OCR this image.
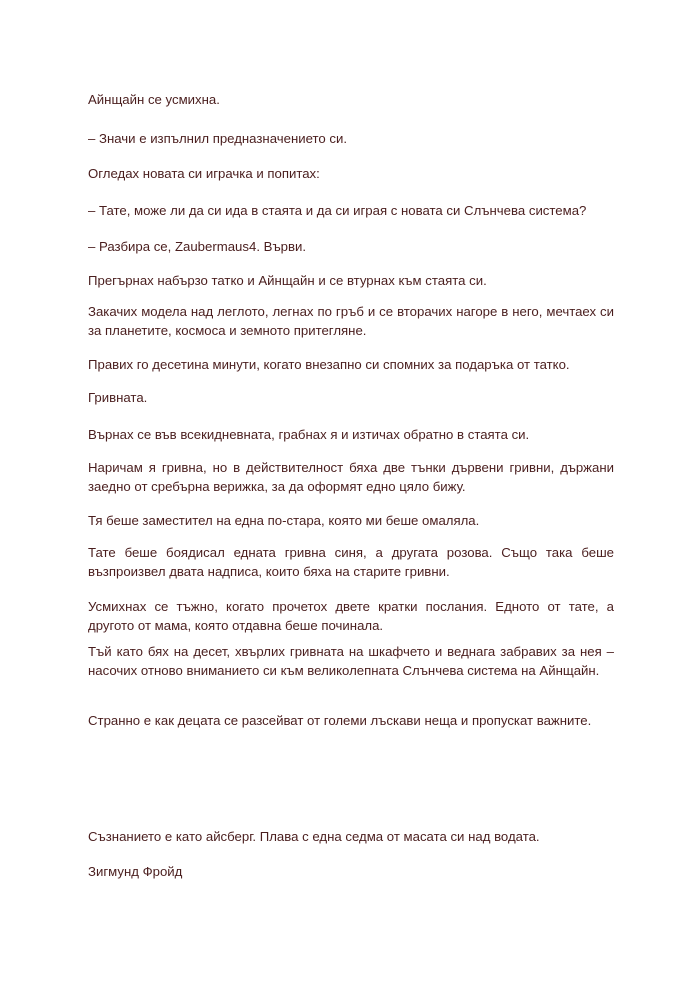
Айнщайн се усмихна.

– Значи е изпълнил предназначението си.

Огледах новата си играчка и попитах:

– Тате, може ли да си ида в стаята и да си играя с новата си Слънчева система?

– Разбира се, Zaubermaus4. Върви.

Прегърнах набързо татко и Айнщайн и се втурнах към стаята си.

Закачих модела над леглото, легнах по гръб и се вторачих нагоре в него, мечтаех си за планетите, космоса и земното притегляне.

Правих го десетина минути, когато внезапно си спомних за подаръка от татко.

Гривната.

Върнах се във всекидневната, грабнах я и изтичах обратно в стаята си.

Наричам я гривна, но в действителност бяха две тънки дървени гривни, държани заедно от сребърна верижка, за да оформят едно цяло бижу.

Тя беше заместител на една по-стара, която ми беше омаляла.

Тате беше боядисал едната гривна синя, а другата розова. Също така беше възпроизвел двата надписа, които бяха на старите гривни.

Усмихнах се тъжно, когато прочетох двете кратки послания. Едното от тате, а другото от мама, която отдавна беше починала.

Тъй като бях на десет, хвърлих гривната на шкафчето и веднага забравих за нея – насочих отново вниманието си към великолепната Слънчева система на Айнщайн.

Странно е как децата се разсейват от големи лъскави неща и пропускат важните.

Съзнанието е като айсберг. Плава с една седма от масата си над водата.

Зигмунд Фройд
